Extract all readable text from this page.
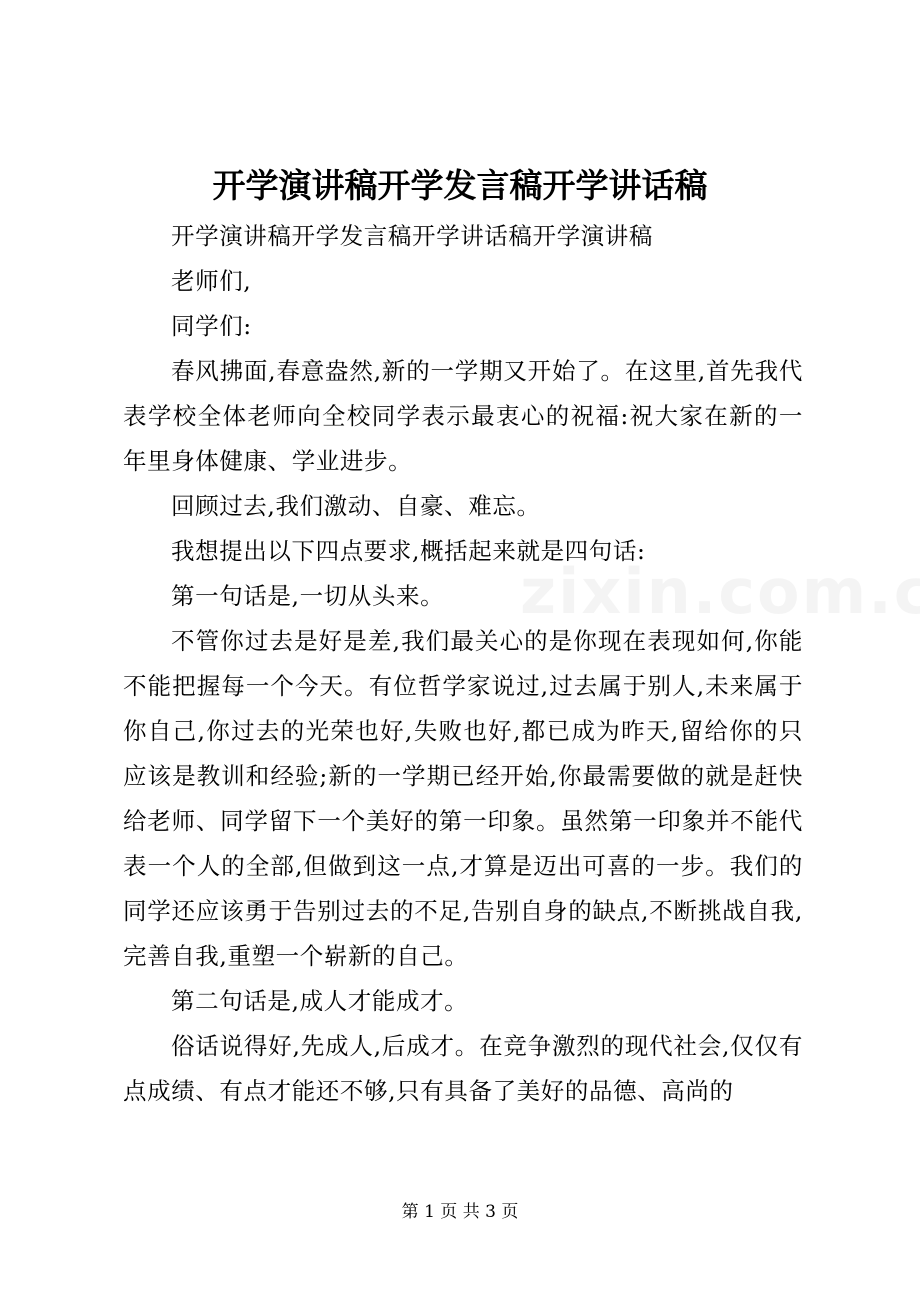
开学演讲稿开学发言稿开学讲话稿

开学演讲稿开学发言稿开学讲话稿开学演讲稿

老师们,

同学们:

春风拂面,春意盎然,新的一学期又开始了。在这里,首先我代表学校全体老师向全校同学表示最衷心的祝福:祝大家在新的一年里身体健康、学业进步。

回顾过去,我们激动、自豪、难忘。

我想提出以下四点要求,概括起来就是四句话:

第一句话是,一切从头来。

不管你过去是好是差,我们最关心的是你现在表现如何,你能不能把握每一个今天。有位哲学家说过,过去属于别人,未来属于你自己,你过去的光荣也好,失败也好,都已成为昨天,留给你的只应该是教训和经验;新的一学期已经开始,你最需要做的就是赶快给老师、同学留下一个美好的第一印象。虽然第一印象并不能代表一个人的全部,但做到这一点,才算是迈出可喜的一步。我们的同学还应该勇于告别过去的不足,告别自身的缺点,不断挑战自我,完善自我,重塑一个崭新的自己。

第二句话是,成人才能成才。

俗话说得好,先成人,后成才。在竞争激烈的现代社会,仅仅有点成绩、有点才能还不够,只有具备了美好的品德、高尚的

第 1 页 共 3 页
